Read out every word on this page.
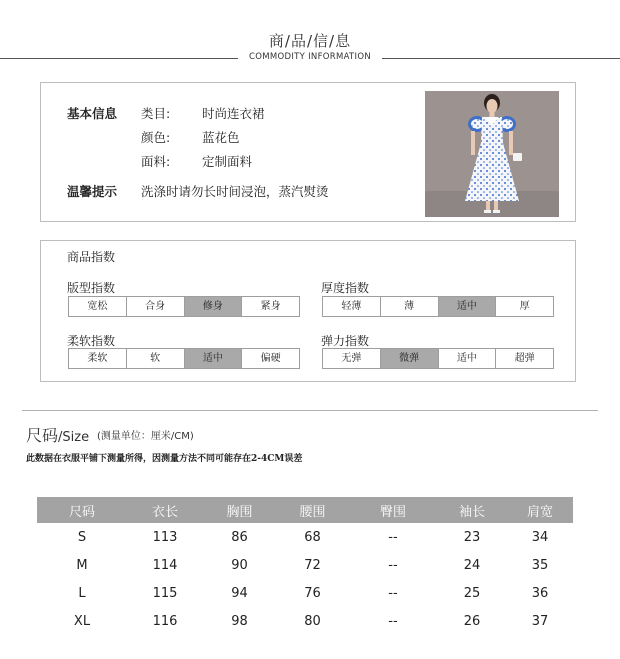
商/品/信/息
COMMODITY INFORMATION
基本信息 类目:	时尚连衣裙
颜色:	蓝花色
面料:	定制面料
温馨提示 洗涤时请勿长时间浸泡，蒸汽熨烫
商品指数
版型指数
宽松	合身	修身	紧身
厚度指数
轻薄	薄	适中	厚
柔软指数
柔软	软	适中	偏硬
弹力指数
无弹	微弹	适中	超弹
尺码/Size (测量单位：厘米/CM)
此数据在衣服平铺下测量所得，因测量方法不同可能存在2-4CM误差
尺码	衣长	胸围	腰围	臀围	袖长	肩宽
S	113	86	68	--	23	34
M	114	90	72	--	24	35
L	115	94	76	--	25	36
XL	116	98	80	--	26	37
